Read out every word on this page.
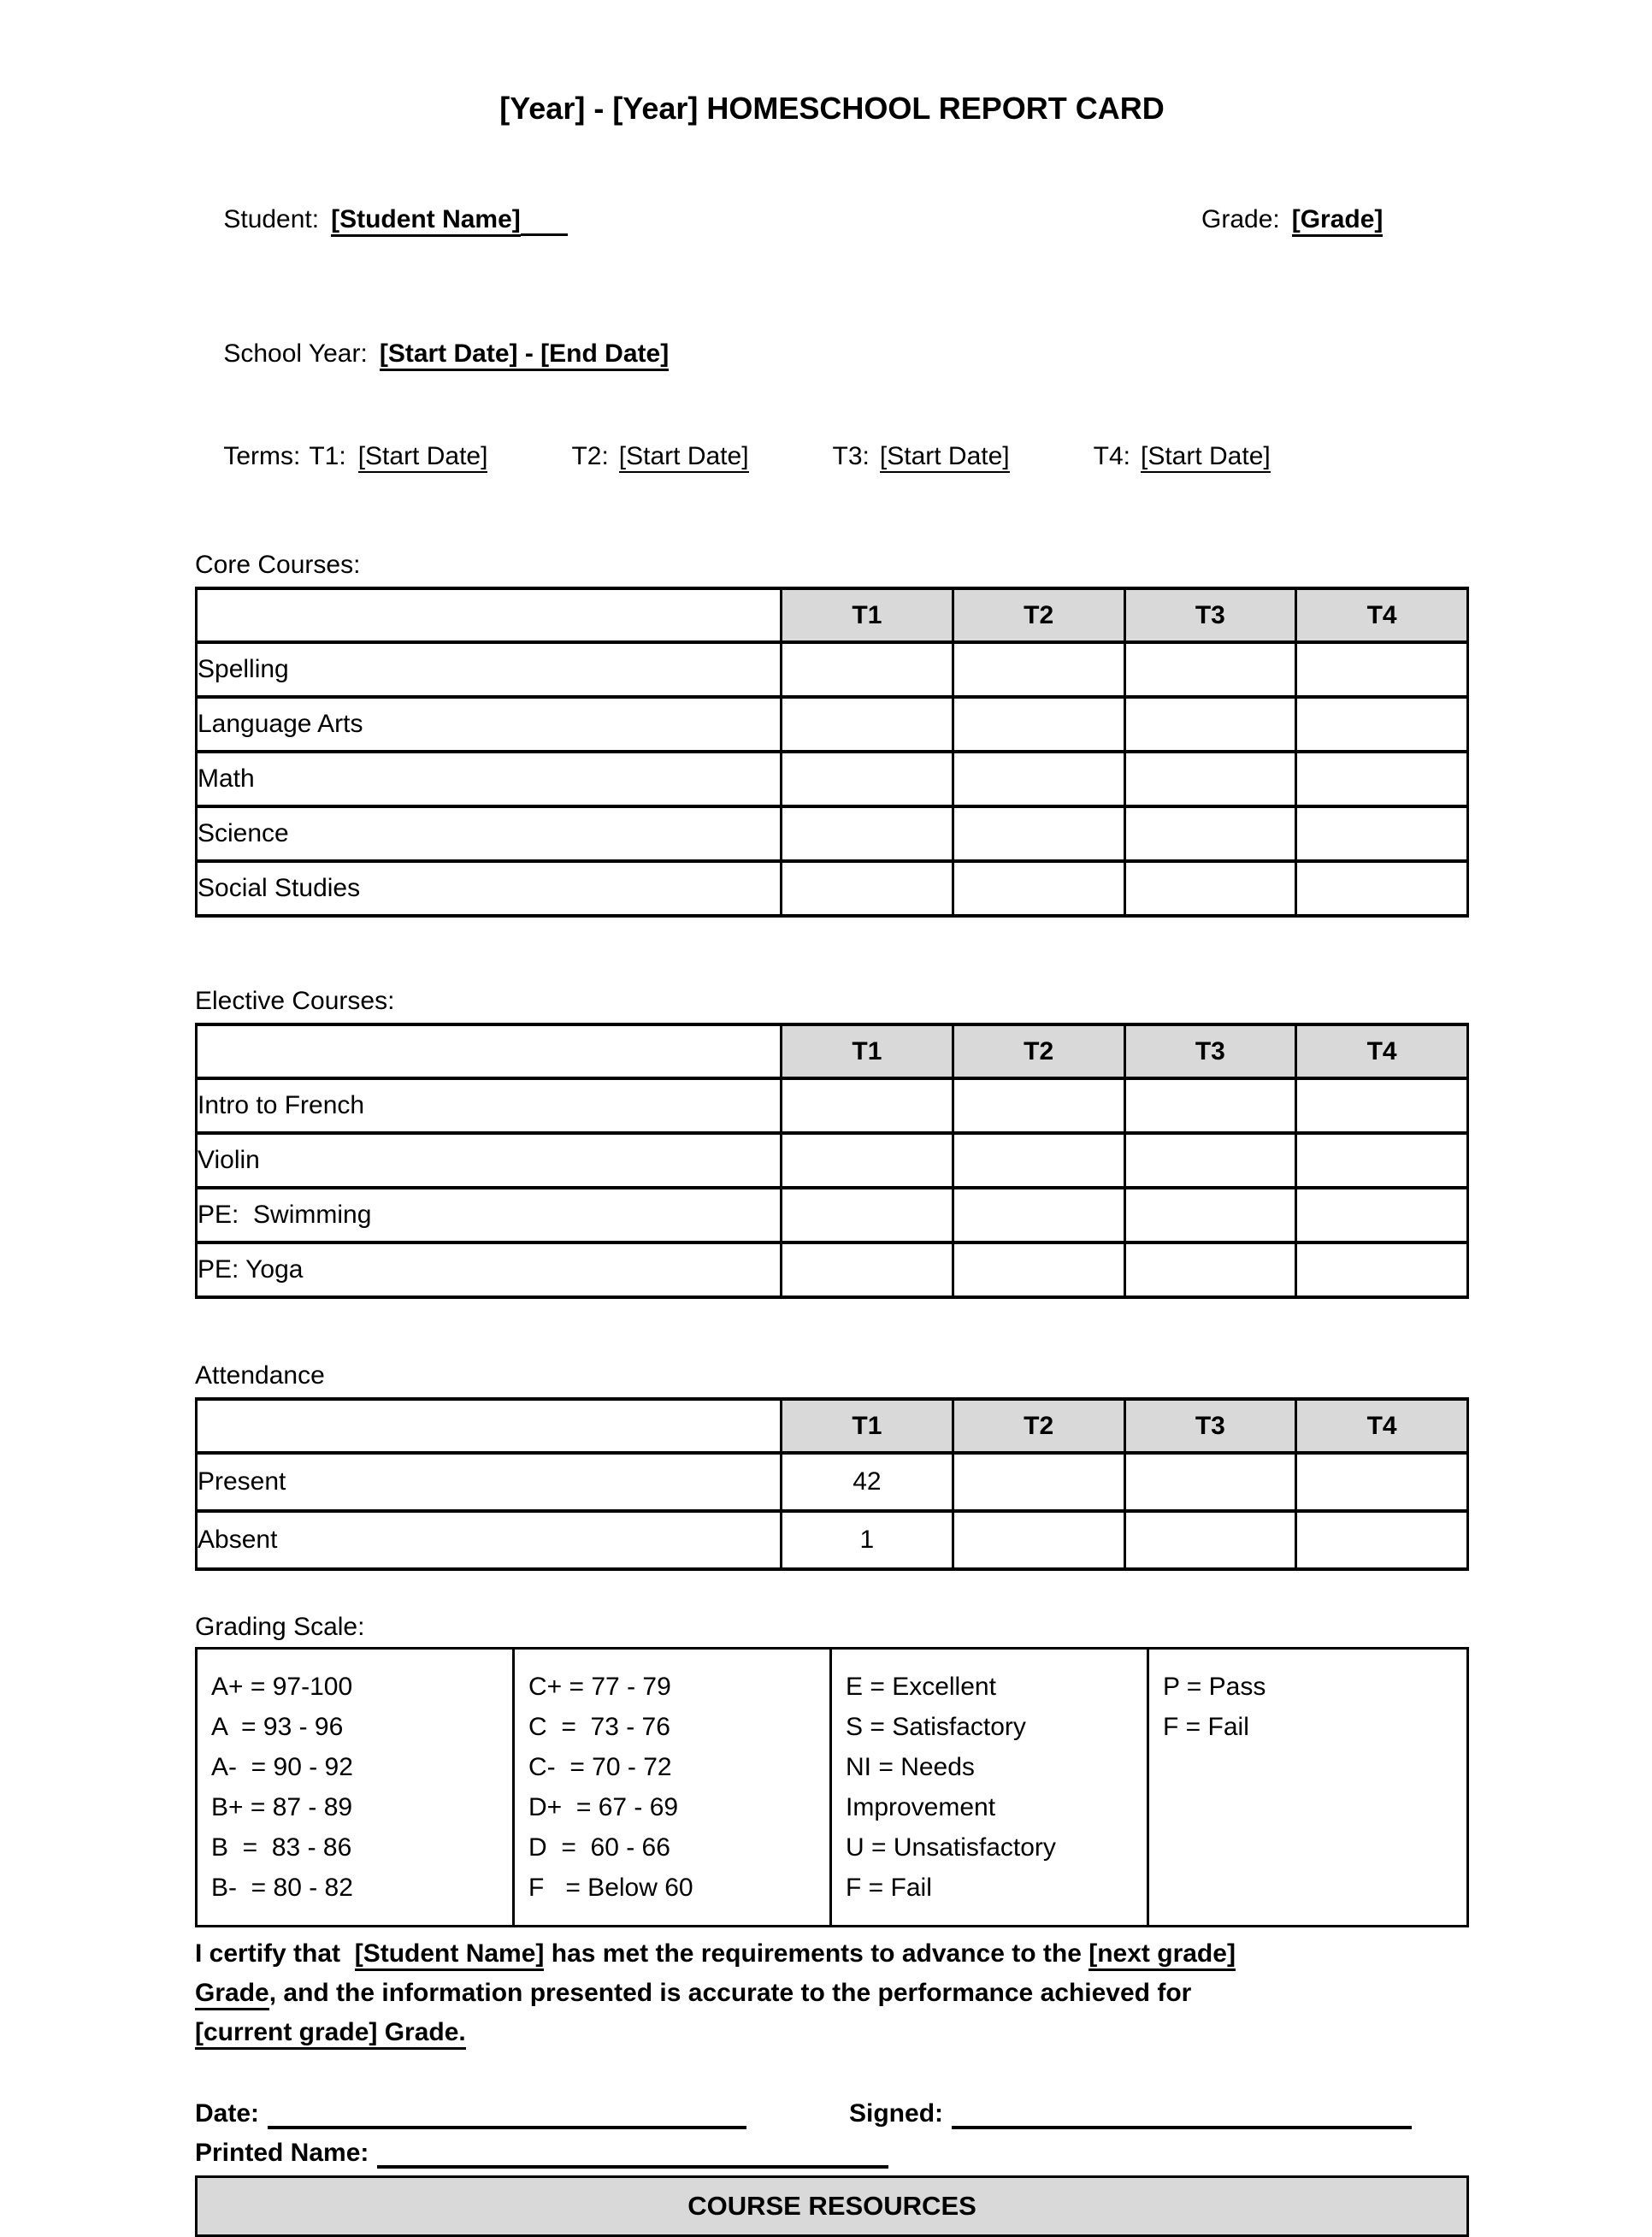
[Year] - [Year] HOMESCHOOL REPORT CARD

Student: [Student Name]
	Grade: [Grade]

School Year: [Start Date] - [End Date]

Terms: T1: [Start Date]	T2: [Start Date]	T3: [Start Date]	T4: [Start Date]

Core Courses:
	T1	T2	T3	T4
Spelling				
Language Arts				
Math				
Science				
Social Studies				
Elective Courses:
	T1	T2	T3	T4
Intro to French				
Violin				
PE:  Swimming				
PE: Yoga				
Attendance
	T1	T2	T3	T4
Present	42			
Absent	1			
Grading Scale:
A+ = 97-100
A  = 93 - 96
A-  = 90 - 92
B+ = 87 - 89
B  =  83 - 86
B-  = 80 - 82
C+ = 77 - 79
C  =  73 - 76
C-  = 70 - 72
D+  = 67 - 69
D  =  60 - 66
F   = Below 60
E = Excellent
S = Satisfactory
NI = Needs
Improvement
U = Unsatisfactory
F = Fail
P = Pass
F = Fail
I certify that  [Student Name] has met the requirements to advance to the [next grade]
Grade, and the information presented is accurate to the performance achieved for
[current grade] Grade.
Date:	Signed:
Printed Name:
COURSE RESOURCES
